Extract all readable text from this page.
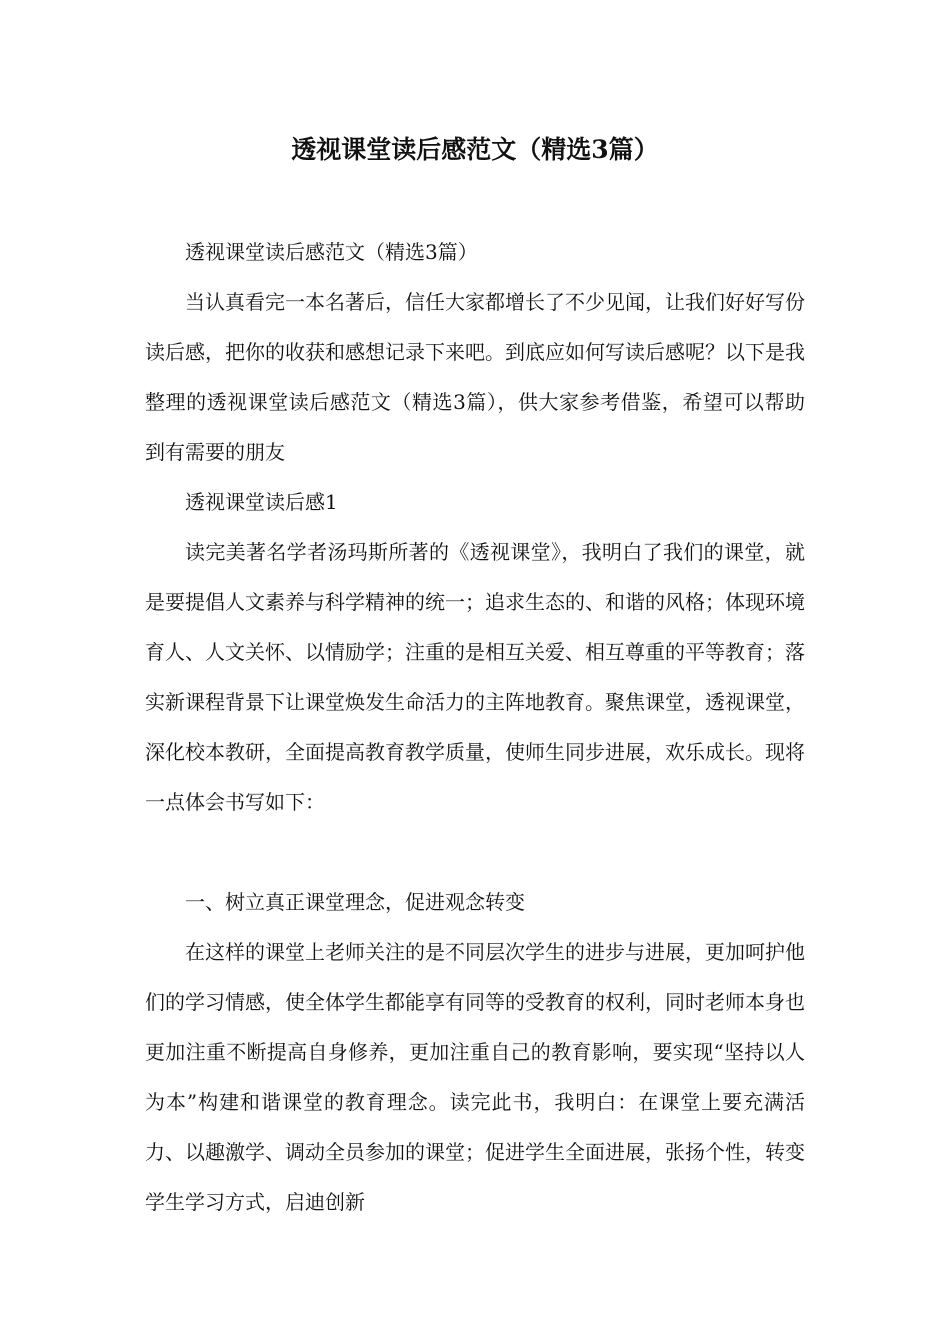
透视课堂读后感范文（精选3篇）

透视课堂读后感范文（精选3篇）

当认真看完一本名著后，信任大家都增长了不少见闻，让我们好好写份读后感，把你的收获和感想记录下来吧。到底应如何写读后感呢？以下是我整理的透视课堂读后感范文（精选3篇），供大家参考借鉴，希望可以帮助到有需要的朋友

透视课堂读后感1

读完美著名学者汤玛斯所著的《透视课堂》，我明白了我们的课堂，就是要提倡人文素养与科学精神的统一；追求生态的、和谐的风格；体现环境育人、人文关怀、以情励学；注重的是相互关爱、相互尊重的平等教育；落实新课程背景下让课堂焕发生命活力的主阵地教育。聚焦课堂，透视课堂，深化校本教研，全面提高教育教学质量，使师生同步进展，欢乐成长。现将一点体会书写如下：

一、树立真正课堂理念，促进观念转变

在这样的课堂上老师关注的是不同层次学生的进步与进展，更加呵护他们的学习情感，使全体学生都能享有同等的受教育的权利，同时老师本身也更加注重不断提高自身修养，更加注重自己的教育影响，要实现“坚持以人为本”构建和谐课堂的教育理念。读完此书，我明白：在课堂上要充满活力、以趣激学、调动全员参加的课堂；促进学生全面进展，张扬个性，转变学生学习方式，启迪创新
